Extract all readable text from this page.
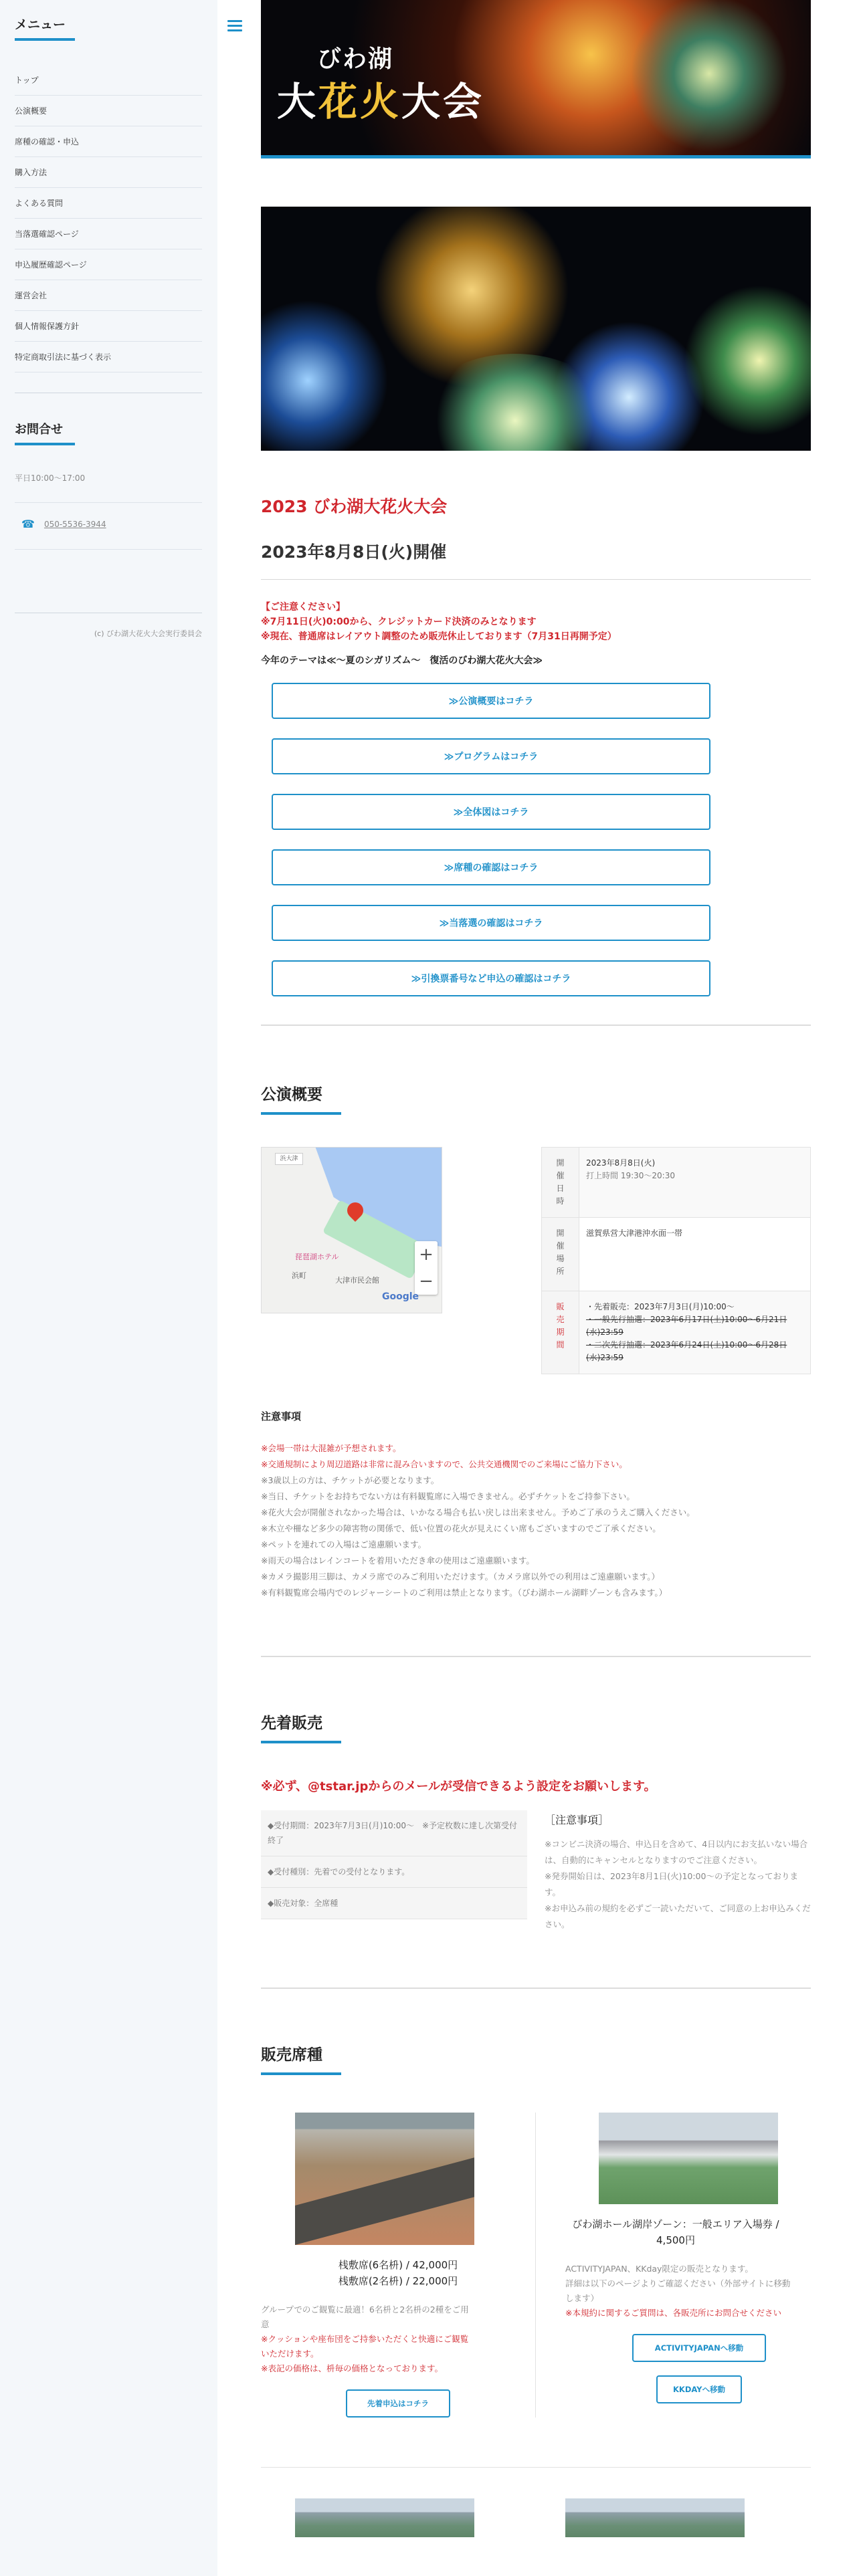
メニュー
トップ
公演概要
席種の確認・申込
購入方法
よくある質問
当落選確認ページ
申込履歴確認ページ
運営会社
個人情報保護方針
特定商取引法に基づく表示
お問合せ
平日10:00〜17:00
☎ 050-5536-3944
(c) びわ湖大花火大会実行委員会
びわ湖
大花火大会
2023 びわ湖大花火大会
2023年8月8日(火)開催
【ご注意ください】
※7月11日(火)0:00から、クレジットカード決済のみとなります
※現在、普通席はレイアウト調整のため販売休止しております（7月31日再開予定）
今年のテーマは≪〜夏のシガリズム〜　復活のびわ湖大花火大会≫
≫公演概要はコチラ
≫プログラムはコチラ
≫全体図はコチラ
≫席種の確認はコチラ
≫当落選の確認はコチラ
≫引換票番号など申込の確認はコチラ
公演概要
浜大津
琵琶湖ホテル
大津市民会館
浜町
+
−
Google
開催日時	2023年8月8日(火)
打上時間 19:30〜20:30

開催場所	滋賀県営大津港沖水面一帯
販売期間	・先着販売：2023年7月3日(月)10:00〜
・一般先行抽選：2023年6月17日(土)10:00〜6月21日(水)23:59
・二次先行抽選：2023年6月24日(土)10:00〜6月28日(水)23:59
注意事項
※会場一帯は大混雑が予想されます。
※交通規制により周辺道路は非常に混み合いますので、公共交通機関でのご来場にご協力下さい。
※3歳以上の方は、チケットが必要となります。
※当日、チケットをお持ちでない方は有料観覧席に入場できません。必ずチケットをご持参下さい。
※花火大会が開催されなかった場合は、いかなる場合も払い戻しは出来ません。予めご了承のうえご購入ください。
※木立や柵など多少の障害物の関係で、低い位置の花火が見えにくい席もございますのでご了承ください。
※ペットを連れての入場はご遠慮願います。
※雨天の場合はレインコートを着用いただき傘の使用はご遠慮願います。
※カメラ撮影用三脚は、カメラ席でのみご利用いただけます。（カメラ席以外での利用はご遠慮願います。）
※有料観覧席会場内でのレジャーシートのご利用は禁止となります。（びわ湖ホール湖畔ゾーンも含みます。）
先着販売
※必ず、@tstar.jpからのメールが受信できるよう設定をお願いします。
◆受付期間：2023年7月3日(月)10:00〜　※予定枚数に達し次第受付終了
◆受付種別：先着での受付となります。
◆販売対象：全席種
［注意事項］
※コンビニ決済の場合、申込日を含めて、4日以内にお支払いない場合は、自動的にキャンセルとなりますのでご注意ください。
※発券開始日は、2023年8月1日(火)10:00〜の予定となっております。
※お申込み前の規約を必ずご一読いただいて、ご同意の上お申込みください。
販売席種
桟敷席(6名枡) / 42,000円
桟敷席(2名枡) / 22,000円
グループでのご観覧に最適！6名枡と2名枡の2種をご用意
※クッションや座布団をご持参いただくと快適にご観覧いただけます。
※表記の価格は、枡毎の価格となっております。
先着申込はコチラ
びわ湖ホール湖岸ゾーン：一般エリア入場券 / 4,500円
ACTIVITYJAPAN、KKday限定の販売となります。
詳細は以下のページよりご確認ください（外部サイトに移動します）
※本規約に関するご質問は、各販売所にお問合せください
ACTIVITYJAPANへ移動
KKDAYへ移動
